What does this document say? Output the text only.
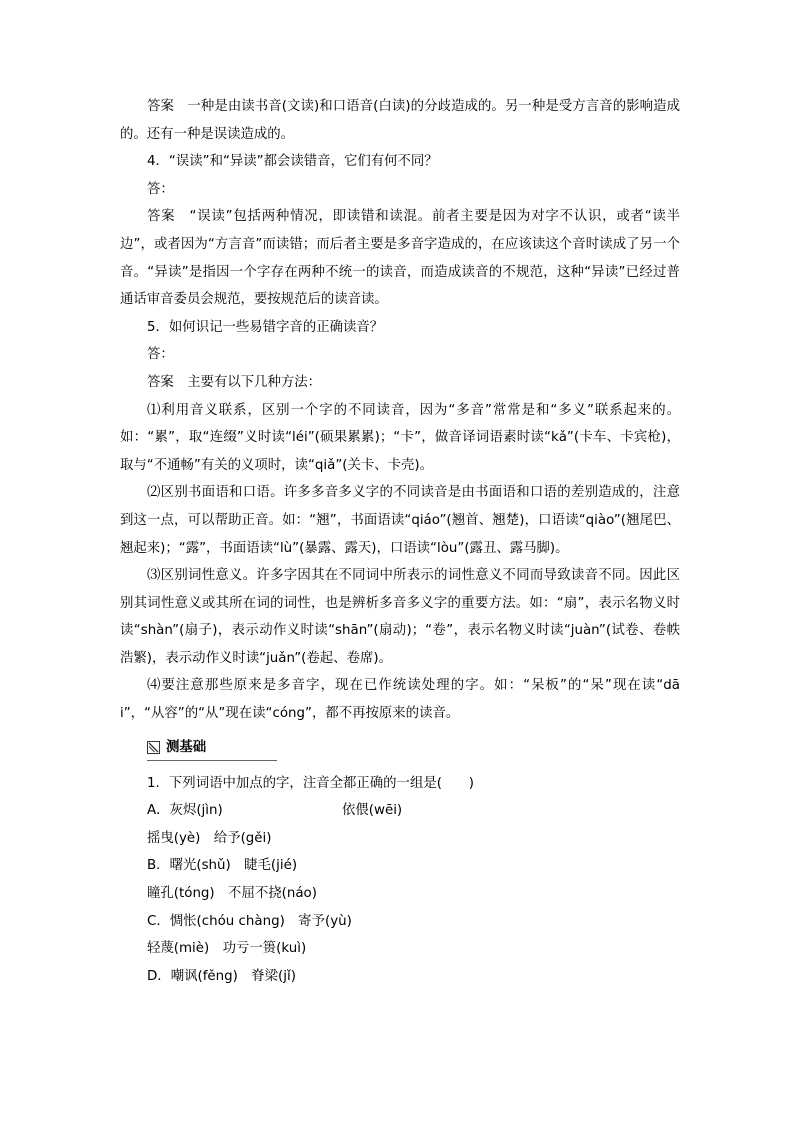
答案　一种是由读书音(文读)和口语音(白读)的分歧造成的。另一种是受方言音的影响造成的。还有一种是误读造成的。

4．“误读”和“异读”都会读错音，它们有何不同？

答：

答案　“误读”包括两种情况，即读错和读混。前者主要是因为对字不认识，或者“读半边”，或者因为“方言音”而读错；而后者主要是多音字造成的，在应该读这个音时读成了另一个音。“异读”是指因一个字存在两种不统一的读音，而造成读音的不规范，这种“异读”已经过普通话审音委员会规范，要按规范后的读音读。

5．如何识记一些易错字音的正确读音？

答：

答案　主要有以下几种方法：

⑴利用音义联系，区别一个字的不同读音，因为“多音”常常是和“多义”联系起来的。如：“累”，取“连缀”义时读“léi”(硕果累累)；“卡”，做音译词语素时读“kǎ”(卡车、卡宾枪)，取与“不通畅”有关的义项时，读“qiǎ”(关卡、卡壳)。

⑵区别书面语和口语。许多多音多义字的不同读音是由书面语和口语的差别造成的，注意到这一点，可以帮助正音。如：“翘”，书面语读“qiáo”(翘首、翘楚)，口语读“qiào”(翘尾巴、翘起来)；“露”，书面语读“lù”(暴露、露天)，口语读“lòu”(露丑、露马脚)。

⑶区别词性意义。许多字因其在不同词中所表示的词性意义不同而导致读音不同。因此区别其词性意义或其所在词的词性，也是辨析多音多义字的重要方法。如：“扇”，表示名物义时读“shàn”(扇子)，表示动作义时读“shān”(扇动)；“卷”，表示名物义时读“juàn”(试卷、卷帙浩繁)，表示动作义时读“juǎn”(卷起、卷席)。

⑷要注意那些原来是多音字，现在已作统读处理的字。如：“呆板”的“呆”现在读“dāi”，“从容”的“从”现在读“cóng”，都不再按原来的读音。

测基础

1．下列词语中加点的字，注音全都正确的一组是(　　)

A．灰烬(jìn)	依偎(wēi)

摇曳(yè)　给予(gěi)

B．曙光(shǔ)　睫毛(jié)

瞳孔(tóng)　不屈不挠(náo)

C．惆怅(chóu chàng)　寄予(yù)

轻蔑(miè)　功亏一篑(kuì)

D．嘲讽(fěng)　脊梁(jǐ)
